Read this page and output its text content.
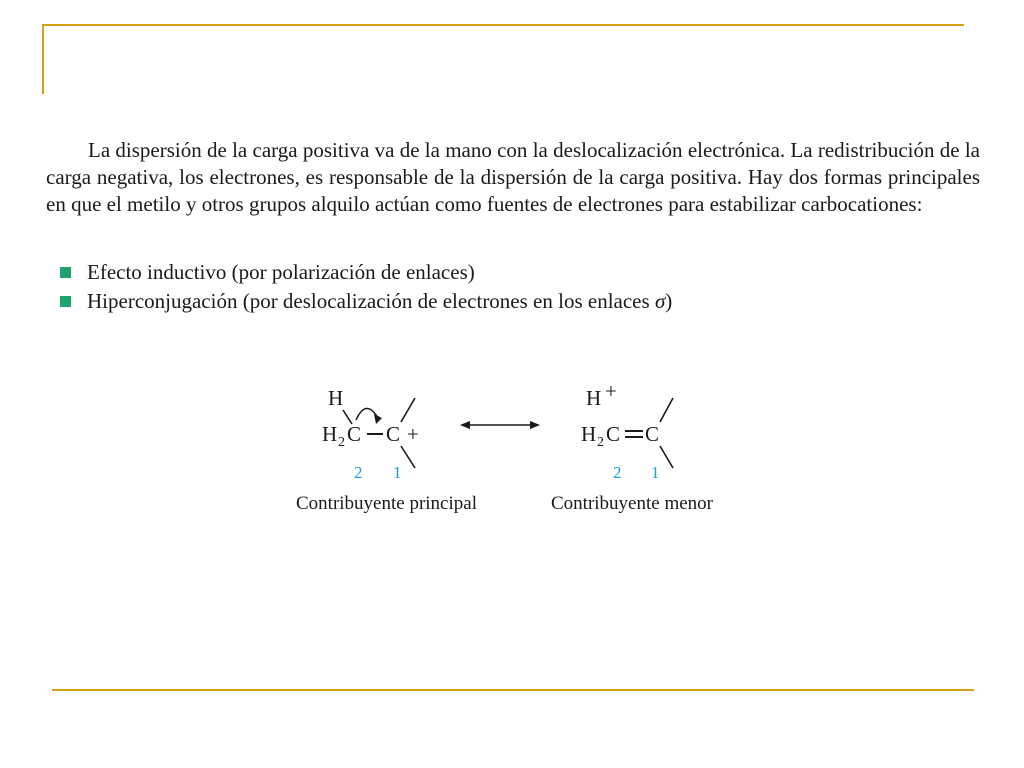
La dispersión de la carga positiva va de la mano con la deslocalización electrónica. La redistribución de la carga negativa, los electrones, es responsable de la dispersión de la carga positiva. Hay dos formas principales en que el metilo y otros grupos alquilo actúan como fuentes de electrones para estabilizar carbocationes:

Efecto inductivo (por polarización de enlaces)
Hiperconjugación (por deslocalización de electrones en los enlaces
σ )
H
H 2 C C +
2 1
Contribuyente principal
H +
H 2 C C
2 1
Contribuyente menor
